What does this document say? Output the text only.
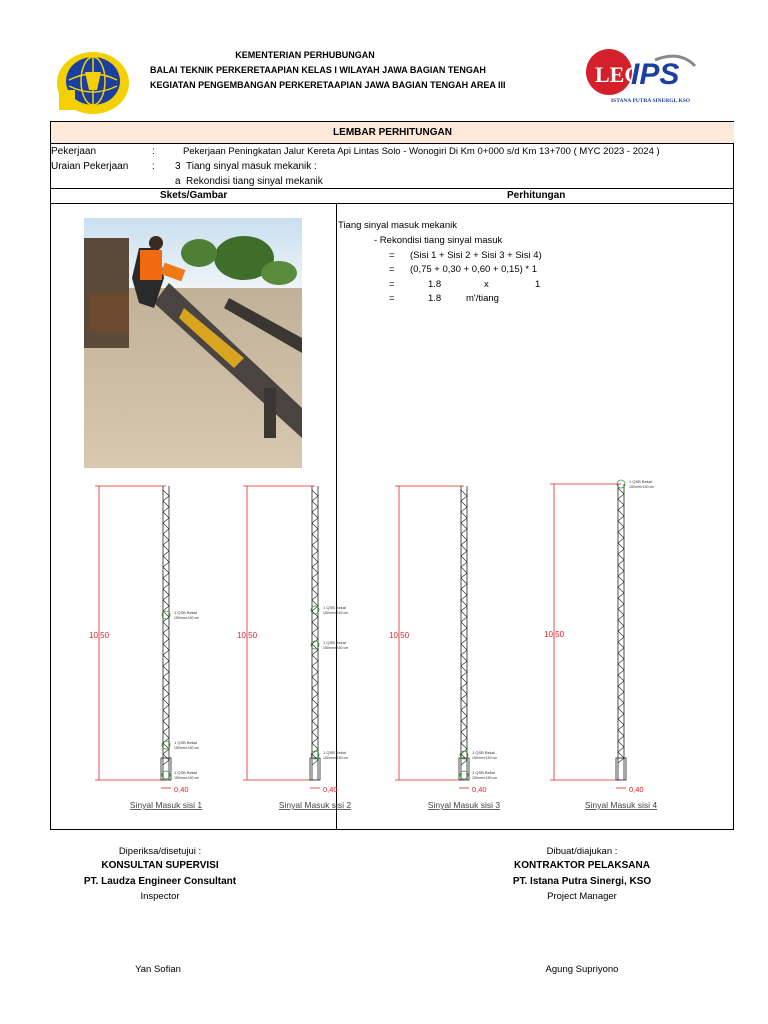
KEMENTERIAN PERHUBUNGAN
BALAI TEKNIK PERKERETAAPIAN KELAS I WILAYAH JAWA BAGIAN TENGAH
KEGIATAN PENGEMBANGAN PERKERETAAPIAN JAWA BAGIAN TENGAH AREA III	LEC
IPS
ISTANA PUTRA SINERGI, KSO
LEMBAR PERHITUNGAN
Pekerjaan	:	Pekerjaan Peningkatan Jalur Kereta Api Lintas Solo - Wonogiri Di Km 0+000 s/d Km 13+700 ( MYC 2023 - 2024 )
Uraian Pekerjaan : 3 Tiang sinyal masuk mekanik :
a Rekondisi tiang sinyal mekanik
Skets/Gambar	Perhitungan
Tiang sinyal masuk mekanik
- Rekondisi tiang sinyal masuk
= (Sisi 1 + Sisi 2 + Sisi 3 + Sisi 4)
= (0,75 + 0,30 + 0,60 + 0,15) * 1
=	1.8	x	1
=	1.8	m'/tiang
10,50
0,40
1 QSB Bekal
150mm×150 cm
1 QSB Bekal
150mm×150 cm
1 QSB Bekal
150mm×150 cm
Sinyal Masuk sisi 1
10,50
0,40
1 QSB Bekal
150mm×150 cm
1 QSB Bekal
150mm×150 cm
1 QSB Bekal
150mm×150 cm
Sinyal Masuk sisi 2
10,50
0,40
1 QSB Bekal
150mm×150 cm
1 QSB Bekal
150mm×150 cm
Sinyal Masuk sisi 3
10,50
0,40
1 QSB Bekal
150mm×150 cm
Sinyal Masuk sisi 4
Diperiksa/disetujui :
KONSULTAN SUPERVISI
PT. Laudza Engineer Consultant
Inspector
Yan Sofian
Dibuat/diajukan :
KONTRAKTOR PELAKSANA
PT. Istana Putra Sinergi, KSO
Project Manager
Agung Supriyono
